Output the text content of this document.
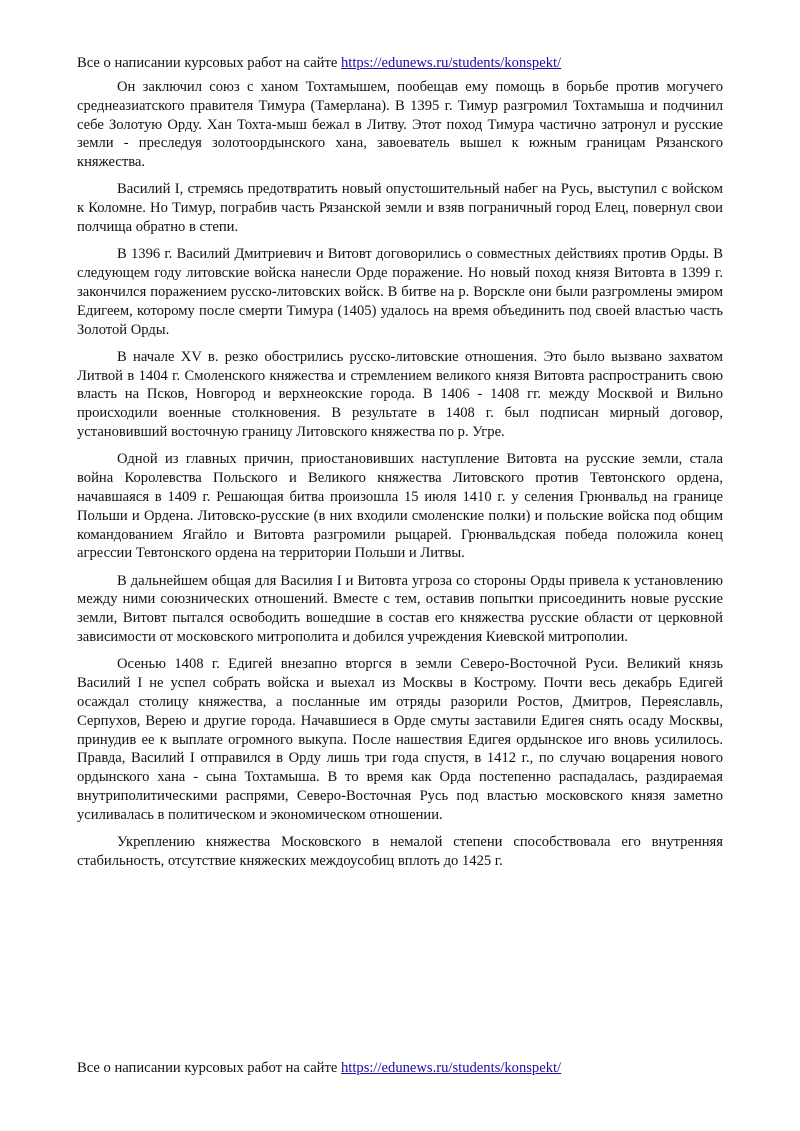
Все о написании курсовых работ на сайте https://edunews.ru/students/konspekt/

Он заключил союз с ханом Тохтамышем, пообещав ему помощь в борьбе против могучего среднеазиатского правителя Тимура (Тамерлана). В 1395 г. Тимур разгромил Тохтамыша и подчинил себе Золотую Орду. Хан Тохта-мыш бежал в Литву. Этот поход Тимура частично затронул и русские земли - преследуя золотоордынского хана, завоеватель вышел к южным границам Рязанского княжества.

Василий I, стремясь предотвратить новый опустошительный набег на Русь, выступил с войском к Коломне. Но Тимур, пограбив часть Рязанской земли и взяв пограничный город Елец, повернул свои полчища обратно в степи.

В 1396 г. Василий Дмитриевич и Витовт договорились о совместных действиях против Орды. В следующем году литовские войска нанесли Орде поражение. Но новый поход князя Витовта в 1399 г. закончился поражением русско-литовских войск. В битве на р. Ворскле они были разгромлены эмиром Едигеем, которому после смерти Тимура (1405) удалось на время объединить под своей властью часть Золотой Орды.

В начале XV в. резко обострились русско-литовские отношения. Это было вызвано захватом Литвой в 1404 г. Смоленского княжества и стремлением великого князя Витовта распространить свою власть на Псков, Новгород и верхнеокские города. В 1406 - 1408 гг. между Москвой и Вильно происходили военные столкновения. В результате в 1408 г. был подписан мирный договор, установивший восточную границу Литовского княжества по р. Угре.

Одной из главных причин, приостановивших наступление Витовта на русские земли, стала война Королевства Польского и Великого княжества Литовского против Тевтонского ордена, начавшаяся в 1409 г. Решающая битва произошла 15 июля 1410 г. у селения Грюнвальд на границе Польши и Ордена. Литовско-русские (в них входили смоленские полки) и польские войска под общим командованием Ягайло и Витовта разгромили рыцарей. Грюнвальдская победа положила конец агрессии Тевтонского ордена на территории Польши и Литвы.

В дальнейшем общая для Василия I и Витовта угроза со стороны Орды привела к установлению между ними союзнических отношений. Вместе с тем, оставив попытки присоединить новые русские земли, Витовт пытался освободить вошедшие в состав его княжества русские области от церковной зависимости от московского митрополита и добился учреждения Киевской митрополии.

Осенью 1408 г. Едигей внезапно вторгся в земли Северо-Восточной Руси. Великий князь Василий I не успел собрать войска и выехал из Москвы в Кострому. Почти весь декабрь Едигей осаждал столицу княжества, а посланные им отряды разорили Ростов, Дмитров, Переяславль, Серпухов, Верею и другие города. Начавшиеся в Орде смуты заставили Едигея снять осаду Москвы, принудив ее к выплате огромного выкупа. После нашествия Едигея ордынское иго вновь усилилось. Правда, Василий I отправился в Орду лишь три года спустя, в 1412 г., по случаю воцарения нового ордынского хана - сына Тохтамыша. В то время как Орда постепенно распадалась, раздираемая внутриполитическими распрями, Северо-Восточная Русь под властью московского князя заметно усиливалась в политическом и экономическом отношении.

Укреплению княжества Московского в немалой степени способствовала его внутренняя стабильность, отсутствие княжеских междоусобиц вплоть до 1425 г.

Все о написании курсовых работ на сайте https://edunews.ru/students/konspekt/
